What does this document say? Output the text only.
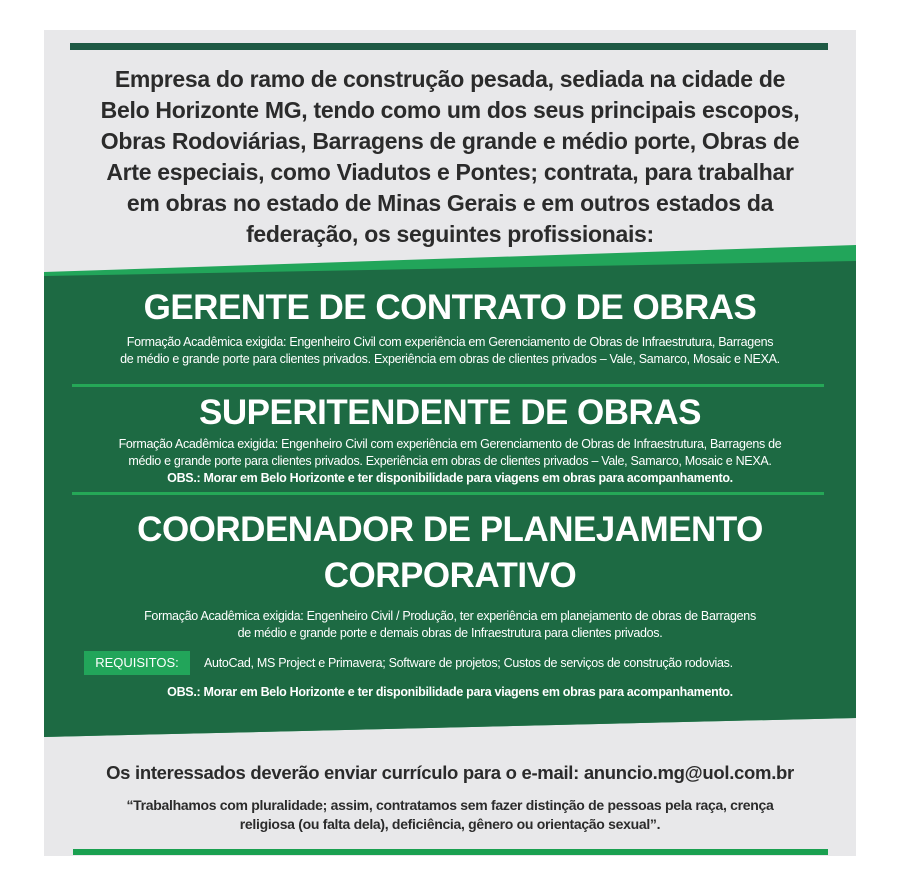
Empresa do ramo de construção pesada, sediada na cidade de
Belo Horizonte MG, tendo como um dos seus principais escopos,
Obras Rodoviárias, Barragens de grande e médio porte, Obras de
Arte especiais, como Viadutos e Pontes; contrata, para trabalhar
em obras no estado de Minas Gerais e em outros estados da
federação, os seguintes profissionais:
GERENTE DE CONTRATO DE OBRAS
Formação Acadêmica exigida: Engenheiro Civil com experiência em Gerenciamento de Obras de Infraestrutura, Barragens
de médio e grande porte para clientes privados. Experiência em obras de clientes privados – Vale, Samarco, Mosaic e NEXA.
SUPERITENDENTE DE OBRAS
Formação Acadêmica exigida: Engenheiro Civil com experiência em Gerenciamento de Obras de Infraestrutura, Barragens de
médio e grande porte para clientes privados. Experiência em obras de clientes privados – Vale, Samarco, Mosaic e NEXA.
OBS.: Morar em Belo Horizonte e ter disponibilidade para viagens em obras para acompanhamento.
COORDENADOR DE PLANEJAMENTO
CORPORATIVO
Formação Acadêmica exigida: Engenheiro Civil / Produção, ter experiência em planejamento de obras de Barragens
de médio e grande porte e demais obras de Infraestrutura para clientes privados.
REQUISITOS:	AutoCad, MS Project e Primavera; Software de projetos; Custos de serviços de construção rodovias.
OBS.: Morar em Belo Horizonte e ter disponibilidade para viagens em obras para acompanhamento.
Os interessados deverão enviar currículo para o e-mail: anuncio.mg@uol.com.br
“Trabalhamos com pluralidade; assim, contratamos sem fazer distinção de pessoas pela raça, crença
religiosa (ou falta dela), deficiência, gênero ou orientação sexual”.
